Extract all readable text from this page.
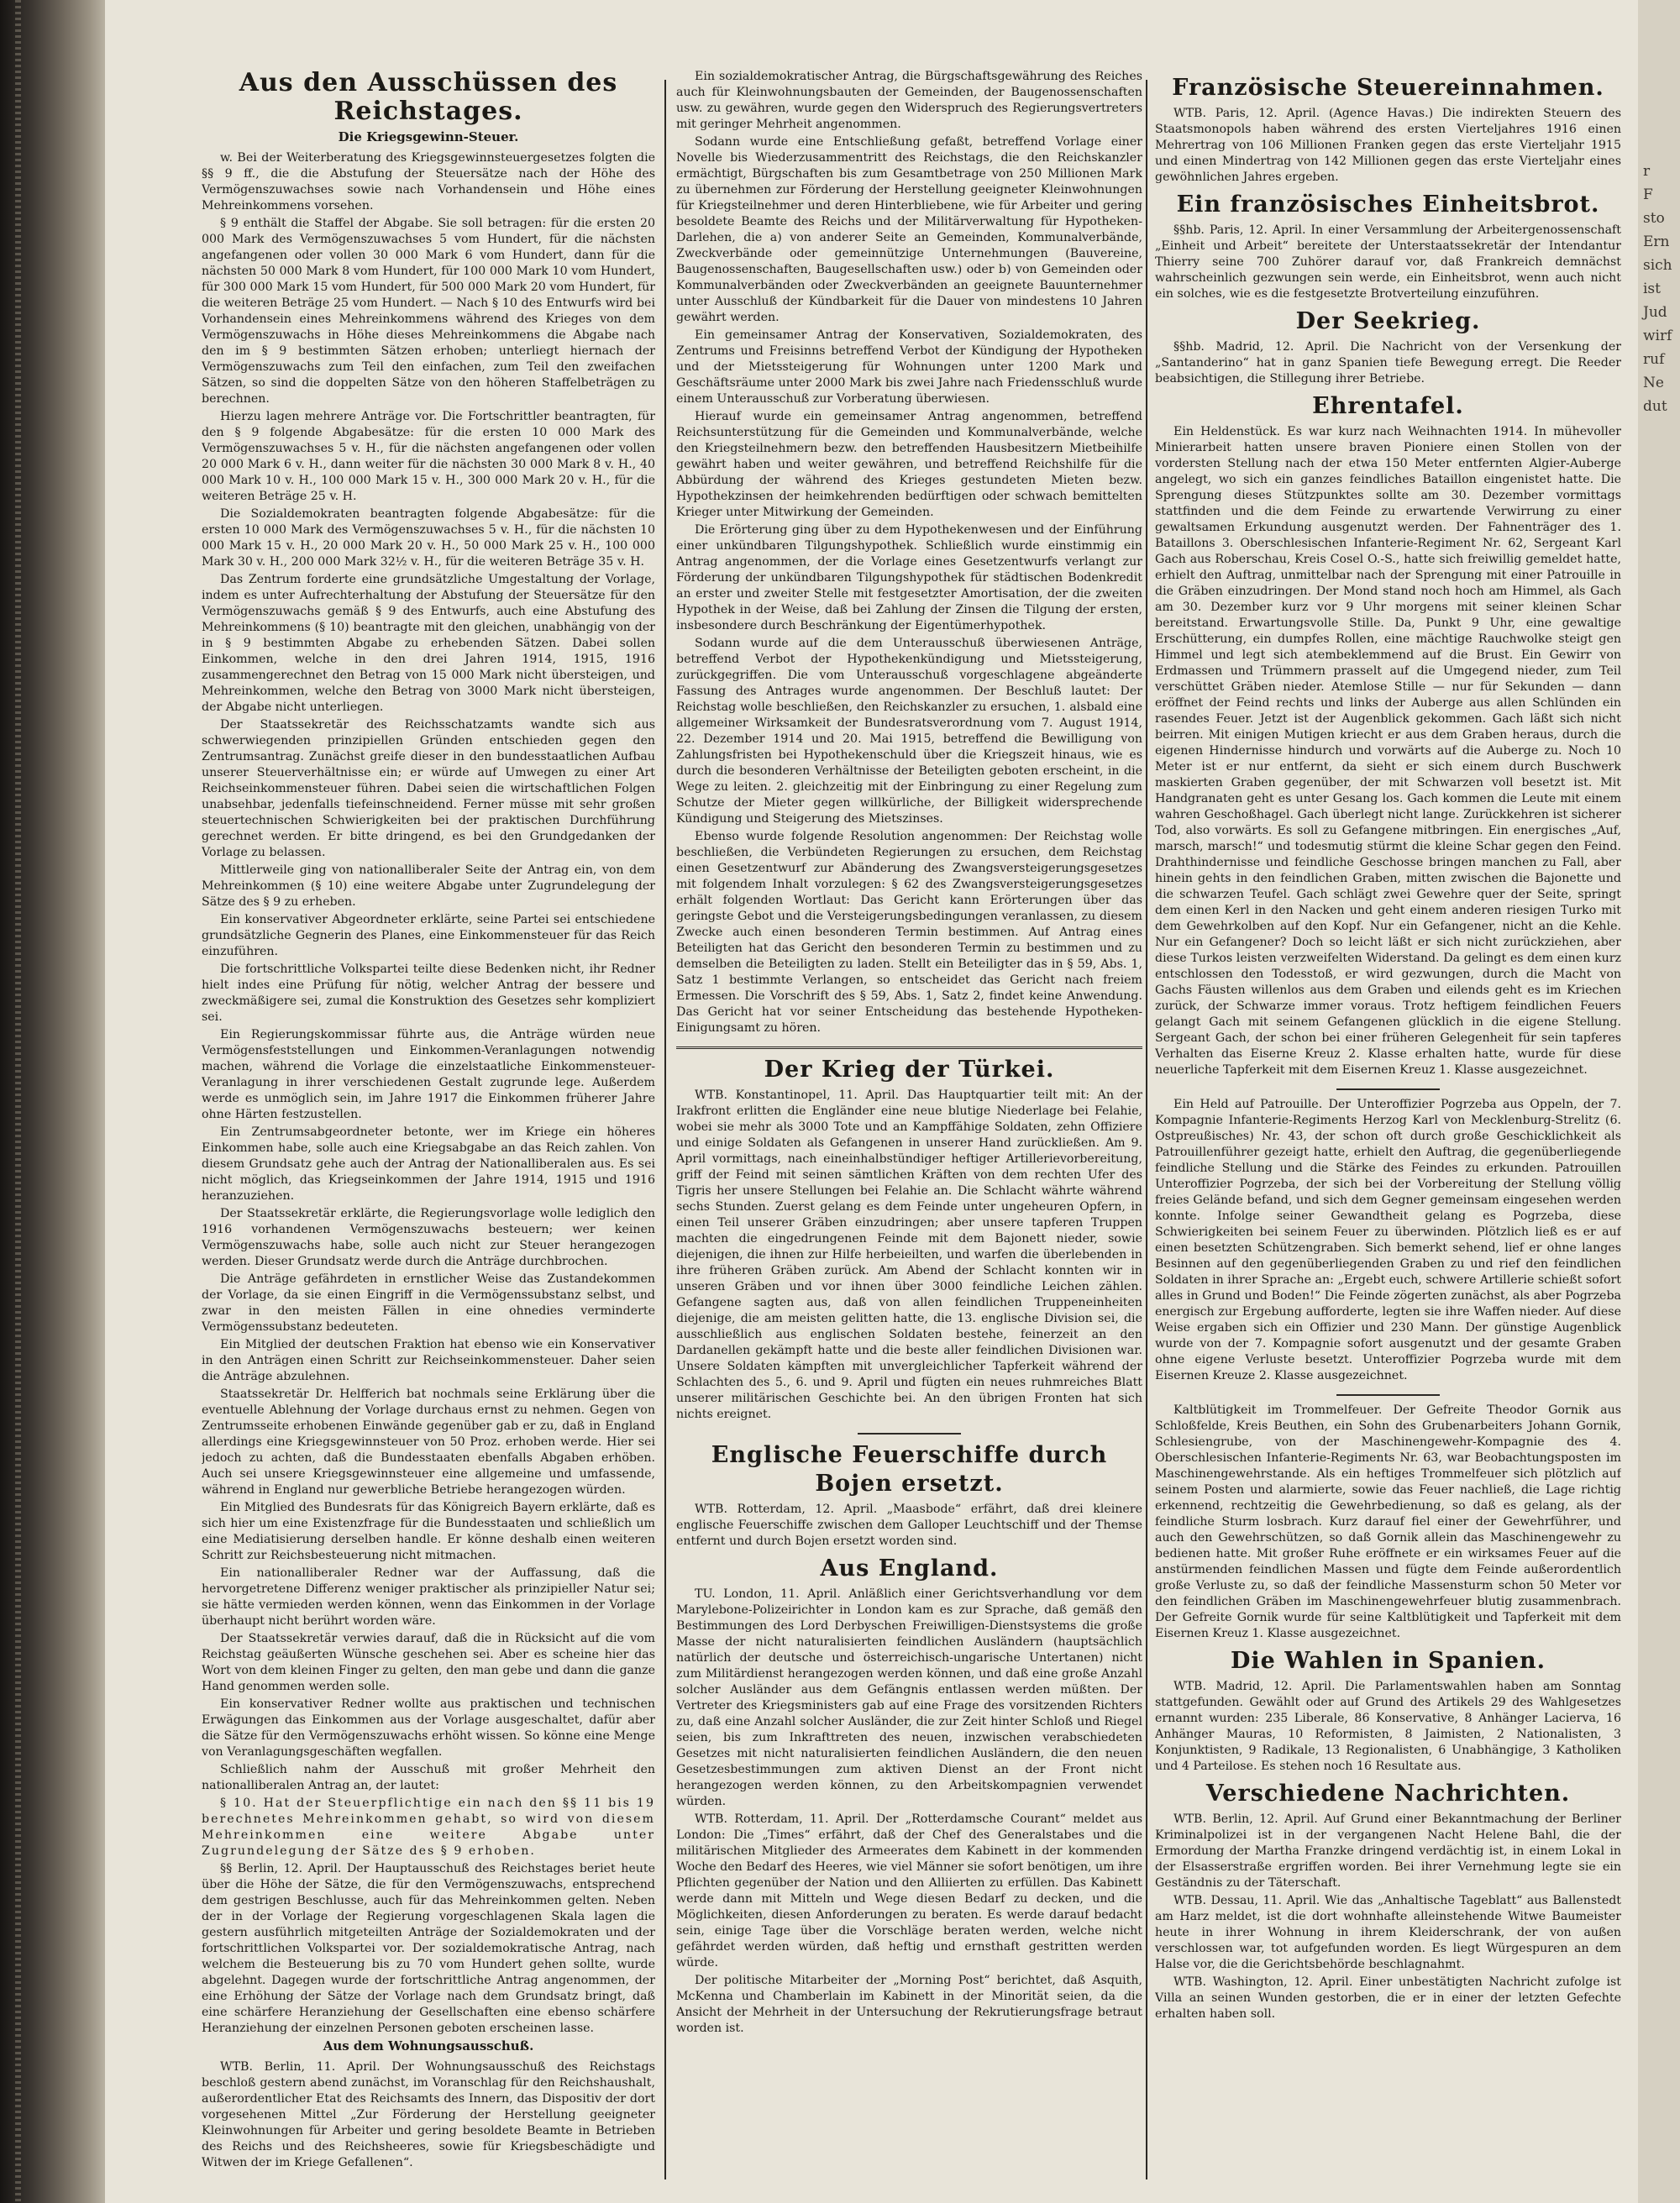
Aus den Ausschüssen des Reichstages.
Die Kriegsgewinn-Steuer.

w. Bei der Weiterberatung des Kriegsgewinnsteuergesetzes folgten die §§ 9 ff., die die Abstufung der Steuersätze nach der Höhe des Vermögenszuwachses sowie nach Vorhandensein und Höhe eines Mehreinkommens vorsehen.

§ 9 enthält die Staffel der Abgabe. Sie soll betragen: für die ersten 20 000 Mark des Vermögenszuwachses 5 vom Hundert, für die nächsten angefangenen oder vollen 30 000 Mark 6 vom Hundert, dann für die nächsten 50 000 Mark 8 vom Hundert, für 100 000 Mark 10 vom Hundert, für 300 000 Mark 15 vom Hundert, für 500 000 Mark 20 vom Hundert, für die weiteren Beträge 25 vom Hundert. — Nach § 10 des Entwurfs wird bei Vorhandensein eines Mehreinkommens während des Krieges von dem Vermögenszuwachs in Höhe dieses Mehreinkommens die Abgabe nach den im § 9 bestimmten Sätzen erhoben; unterliegt hiernach der Vermögenszuwachs zum Teil den einfachen, zum Teil den zweifachen Sätzen, so sind die doppelten Sätze von den höheren Staffelbeträgen zu berechnen.

Hierzu lagen mehrere Anträge vor. Die Fortschrittler beantragten, für den § 9 folgende Abgabesätze: für die ersten 10 000 Mark des Vermögenszuwachses 5 v. H., für die nächsten angefangenen oder vollen 20 000 Mark 6 v. H., dann weiter für die nächsten 30 000 Mark 8 v. H., 40 000 Mark 10 v. H., 100 000 Mark 15 v. H., 300 000 Mark 20 v. H., für die weiteren Beträge 25 v. H.

Die Sozialdemokraten beantragten folgende Abgabesätze: für die ersten 10 000 Mark des Vermögenszuwachses 5 v. H., für die nächsten 10 000 Mark 15 v. H., 20 000 Mark 20 v. H., 50 000 Mark 25 v. H., 100 000 Mark 30 v. H., 200 000 Mark 32½ v. H., für die weiteren Beträge 35 v. H.

Das Zentrum forderte eine grundsätzliche Umgestaltung der Vorlage, indem es unter Aufrechterhaltung der Abstufung der Steuersätze für den Vermögenszuwachs gemäß § 9 des Entwurfs, auch eine Abstufung des Mehreinkommens (§ 10) beantragte mit den gleichen, unabhängig von der in § 9 bestimmten Abgabe zu erhebenden Sätzen. Dabei sollen Einkommen, welche in den drei Jahren 1914, 1915, 1916 zusammengerechnet den Betrag von 15 000 Mark nicht übersteigen, und Mehreinkommen, welche den Betrag von 3000 Mark nicht übersteigen, der Abgabe nicht unterliegen.

Der Staatssekretär des Reichsschatzamts wandte sich aus schwerwiegenden prinzipiellen Gründen entschieden gegen den Zentrumsantrag. Zunächst greife dieser in den bundesstaatlichen Aufbau unserer Steuerverhältnisse ein; er würde auf Umwegen zu einer Art Reichseinkommensteuer führen. Dabei seien die wirtschaftlichen Folgen unabsehbar, jedenfalls tiefeinschneidend. Ferner müsse mit sehr großen steuertechnischen Schwierigkeiten bei der praktischen Durchführung gerechnet werden. Er bitte dringend, es bei den Grundgedanken der Vorlage zu belassen.

Mittlerweile ging von nationalliberaler Seite der Antrag ein, von dem Mehreinkommen (§ 10) eine weitere Abgabe unter Zugrundelegung der Sätze des § 9 zu erheben.

Ein konservativer Abgeordneter erklärte, seine Partei sei entschiedene grundsätzliche Gegnerin des Planes, eine Einkommensteuer für das Reich einzuführen.

Die fortschrittliche Volkspartei teilte diese Bedenken nicht, ihr Redner hielt indes eine Prüfung für nötig, welcher Antrag der bessere und zweckmäßigere sei, zumal die Konstruktion des Gesetzes sehr kompliziert sei.

Ein Regierungskommissar führte aus, die Anträge würden neue Vermögensfeststellungen und Einkommen-Veranlagungen notwendig machen, während die Vorlage die einzelstaatliche Einkommensteuer-Veranlagung in ihrer verschiedenen Gestalt zugrunde lege. Außerdem werde es unmöglich sein, im Jahre 1917 die Einkommen früherer Jahre ohne Härten festzustellen.

Ein Zentrumsabgeordneter betonte, wer im Kriege ein höheres Einkommen habe, solle auch eine Kriegsabgabe an das Reich zahlen. Von diesem Grundsatz gehe auch der Antrag der Nationalliberalen aus. Es sei nicht möglich, das Kriegseinkommen der Jahre 1914, 1915 und 1916 heranzuziehen.

Der Staatssekretär erklärte, die Regierungsvorlage wolle lediglich den 1916 vorhandenen Vermögenszuwachs besteuern; wer keinen Vermögenszuwachs habe, solle auch nicht zur Steuer herangezogen werden. Dieser Grundsatz werde durch die Anträge durchbrochen.

Die Anträge gefährdeten in ernstlicher Weise das Zustandekommen der Vorlage, da sie einen Eingriff in die Vermögenssubstanz selbst, und zwar in den meisten Fällen in eine ohnedies verminderte Vermögenssubstanz bedeuteten.

Ein Mitglied der deutschen Fraktion hat ebenso wie ein Konservativer in den Anträgen einen Schritt zur Reichseinkommensteuer. Daher seien die Anträge abzulehnen.

Staatssekretär Dr. Helfferich bat nochmals seine Erklärung über die eventuelle Ablehnung der Vorlage durchaus ernst zu nehmen. Gegen von Zentrumsseite erhobenen Einwände gegenüber gab er zu, daß in England allerdings eine Kriegsgewinnsteuer von 50 Proz. erhoben werde. Hier sei jedoch zu achten, daß die Bundesstaaten ebenfalls Abgaben erhöben. Auch sei unsere Kriegsgewinnsteuer eine allgemeine und umfassende, während in England nur gewerbliche Betriebe herangezogen würden.

Ein Mitglied des Bundesrats für das Königreich Bayern erklärte, daß es sich hier um eine Existenzfrage für die Bundesstaaten und schließlich um eine Mediatisierung derselben handle. Er könne deshalb einen weiteren Schritt zur Reichsbesteuerung nicht mitmachen.

Ein nationalliberaler Redner war der Auffassung, daß die hervorgetretene Differenz weniger praktischer als prinzipieller Natur sei; sie hätte vermieden werden können, wenn das Einkommen in der Vorlage überhaupt nicht berührt worden wäre.

Der Staatssekretär verwies darauf, daß die in Rücksicht auf die vom Reichstag geäußerten Wünsche geschehen sei. Aber es scheine hier das Wort von dem kleinen Finger zu gelten, den man gebe und dann die ganze Hand genommen werden solle.

Ein konservativer Redner wollte aus praktischen und technischen Erwägungen das Einkommen aus der Vorlage ausgeschaltet, dafür aber die Sätze für den Vermögenszuwachs erhöht wissen. So könne eine Menge von Veranlagungsgeschäften wegfallen.

Schließlich nahm der Ausschuß mit großer Mehrheit den nationalliberalen Antrag an, der lautet:

§ 10. Hat der Steuerpflichtige ein nach den §§ 11 bis 19 berechnetes Mehreinkommen gehabt, so wird von diesem Mehreinkommen eine weitere Abgabe unter Zugrundelegung der Sätze des § 9 erhoben.

§§ Berlin, 12. April. Der Hauptausschuß des Reichstages beriet heute über die Höhe der Sätze, die für den Vermögenszuwachs, entsprechend dem gestrigen Beschlusse, auch für das Mehreinkommen gelten. Neben der in der Vorlage der Regierung vorgeschlagenen Skala lagen die gestern ausführlich mitgeteilten Anträge der Sozialdemokraten und der fortschrittlichen Volkspartei vor. Der sozialdemokratische Antrag, nach welchem die Besteuerung bis zu 70 vom Hundert gehen sollte, wurde abgelehnt. Dagegen wurde der fortschrittliche Antrag angenommen, der eine Erhöhung der Sätze der Vorlage nach dem Grundsatz bringt, daß eine schärfere Heranziehung der Gesellschaften eine ebenso schärfere Heranziehung der einzelnen Personen geboten erscheinen lasse.

Aus dem Wohnungsausschuß.

WTB. Berlin, 11. April. Der Wohnungsausschuß des Reichstags beschloß gestern abend zunächst, im Voranschlag für den Reichshaushalt, außerordentlicher Etat des Reichsamts des Innern, das Dispositiv der dort vorgesehenen Mittel „Zur Förderung der Herstellung geeigneter Kleinwohnungen für Arbeiter und gering besoldete Beamte in Betrieben des Reichs und des Reichsheeres, sowie für Kriegsbeschädigte und Witwen der im Kriege Gefallenen“.

Ein sozialdemokratischer Antrag, die Bürgschaftsgewährung des Reiches auch für Kleinwohnungsbauten der Gemeinden, der Baugenossenschaften usw. zu gewähren, wurde gegen den Widerspruch des Regierungsvertreters mit geringer Mehrheit angenommen.

Sodann wurde eine Entschließung gefaßt, betreffend Vorlage einer Novelle bis Wiederzusammentritt des Reichstags, die den Reichskanzler ermächtigt, Bürgschaften bis zum Gesamtbetrage von 250 Millionen Mark zu übernehmen zur Förderung der Herstellung geeigneter Kleinwohnungen für Kriegsteilnehmer und deren Hinterbliebene, wie für Arbeiter und gering besoldete Beamte des Reichs und der Militärverwaltung für Hypotheken-Darlehen, die a) von anderer Seite an Gemeinden, Kommunalverbände, Zweckverbände oder gemeinnützige Unternehmungen (Bauvereine, Baugenossenschaften, Baugesellschaften usw.) oder b) von Gemeinden oder Kommunalverbänden oder Zweckverbänden an geeignete Bauunternehmer unter Ausschluß der Kündbarkeit für die Dauer von mindestens 10 Jahren gewährt werden.

Ein gemeinsamer Antrag der Konservativen, Sozialdemokraten, des Zentrums und Freisinns betreffend Verbot der Kündigung der Hypotheken und der Mietssteigerung für Wohnungen unter 1200 Mark und Geschäftsräume unter 2000 Mark bis zwei Jahre nach Friedensschluß wurde einem Unterausschuß zur Vorberatung überwiesen.

Hierauf wurde ein gemeinsamer Antrag angenommen, betreffend Reichsunterstützung für die Gemeinden und Kommunalverbände, welche den Kriegsteilnehmern bezw. den betreffenden Hausbesitzern Mietbeihilfe gewährt haben und weiter gewähren, und betreffend Reichshilfe für die Abbürdung der während des Krieges gestundeten Mieten bezw. Hypothekzinsen der heimkehrenden bedürftigen oder schwach bemittelten Krieger unter Mitwirkung der Gemeinden.

Die Erörterung ging über zu dem Hypothekenwesen und der Einführung einer unkündbaren Tilgungshypothek. Schließlich wurde einstimmig ein Antrag angenommen, der die Vorlage eines Gesetzentwurfs verlangt zur Förderung der unkündbaren Tilgungshypothek für städtischen Bodenkredit an erster und zweiter Stelle mit festgesetzter Amortisation, der die zweiten Hypothek in der Weise, daß bei Zahlung der Zinsen die Tilgung der ersten, insbesondere durch Beschränkung der Eigentümerhypothek.

Sodann wurde auf die dem Unterausschuß überwiesenen Anträge, betreffend Verbot der Hypothekenkündigung und Mietssteigerung, zurückgegriffen. Die vom Unterausschuß vorgeschlagene abgeänderte Fassung des Antrages wurde angenommen. Der Beschluß lautet: Der Reichstag wolle beschließen, den Reichskanzler zu ersuchen, 1. alsbald eine allgemeiner Wirksamkeit der Bundesratsverordnung vom 7. August 1914, 22. Dezember 1914 und 20. Mai 1915, betreffend die Bewilligung von Zahlungsfristen bei Hypothekenschuld über die Kriegszeit hinaus, wie es durch die besonderen Verhältnisse der Beteiligten geboten erscheint, in die Wege zu leiten. 2. gleichzeitig mit der Einbringung zu einer Regelung zum Schutze der Mieter gegen willkürliche, der Billigkeit widersprechende Kündigung und Steigerung des Mietszinses.

Ebenso wurde folgende Resolution angenommen: Der Reichstag wolle beschließen, die Verbündeten Regierungen zu ersuchen, dem Reichstag einen Gesetzentwurf zur Abänderung des Zwangsversteigerungsgesetzes mit folgendem Inhalt vorzulegen: § 62 des Zwangsversteigerungsgesetzes erhält folgenden Wortlaut: Das Gericht kann Erörterungen über das geringste Gebot und die Versteigerungsbedingungen veranlassen, zu diesem Zwecke auch einen besonderen Termin bestimmen. Auf Antrag eines Beteiligten hat das Gericht den besonderen Termin zu bestimmen und zu demselben die Beteiligten zu laden. Stellt ein Beteiligter das in § 59, Abs. 1, Satz 1 bestimmte Verlangen, so entscheidet das Gericht nach freiem Ermessen. Die Vorschrift des § 59, Abs. 1, Satz 2, findet keine Anwendung. Das Gericht hat vor seiner Entscheidung das bestehende Hypotheken-Einigungsamt zu hören.

Der Krieg der Türkei.

WTB. Konstantinopel, 11. April. Das Hauptquartier teilt mit: An der Irakfront erlitten die Engländer eine neue blutige Niederlage bei Felahie, wobei sie mehr als 3000 Tote und an Kampffähige Soldaten, zehn Offiziere und einige Soldaten als Gefangenen in unserer Hand zurückließen. Am 9. April vormittags, nach eineinhalbstündiger heftiger Artillerievorbereitung, griff der Feind mit seinen sämtlichen Kräften von dem rechten Ufer des Tigris her unsere Stellungen bei Felahie an. Die Schlacht währte während sechs Stunden. Zuerst gelang es dem Feinde unter ungeheuren Opfern, in einen Teil unserer Gräben einzudringen; aber unsere tapferen Truppen machten die eingedrungenen Feinde mit dem Bajonett nieder, sowie diejenigen, die ihnen zur Hilfe herbeieilten, und warfen die überlebenden in ihre früheren Gräben zurück. Am Abend der Schlacht konnten wir in unseren Gräben und vor ihnen über 3000 feindliche Leichen zählen. Gefangene sagten aus, daß von allen feindlichen Truppeneinheiten diejenige, die am meisten gelitten hatte, die 13. englische Division sei, die ausschließlich aus englischen Soldaten bestehe, feinerzeit an den Dardanellen gekämpft hatte und die beste aller feindlichen Divisionen war. Unsere Soldaten kämpften mit unvergleichlicher Tapferkeit während der Schlachten des 5., 6. und 9. April und fügten ein neues ruhmreiches Blatt unserer militärischen Geschichte bei. An den übrigen Fronten hat sich nichts ereignet.

Englische Feuerschiffe durch Bojen ersetzt.

WTB. Rotterdam, 12. April. „Maasbode“ erfährt, daß drei kleinere englische Feuerschiffe zwischen dem Galloper Leuchtschiff und der Themse entfernt und durch Bojen ersetzt worden sind.

Aus England.

TU. London, 11. April. Anläßlich einer Gerichtsverhandlung vor dem Marylebone-Polizeirichter in London kam es zur Sprache, daß gemäß den Bestimmungen des Lord Derbyschen Freiwilligen-Dienstsystems die große Masse der nicht naturalisierten feindlichen Ausländern (hauptsächlich natürlich der deutsche und österreichisch-ungarische Untertanen) nicht zum Militärdienst herangezogen werden können, und daß eine große Anzahl solcher Ausländer aus dem Gefängnis entlassen werden müßten. Der Vertreter des Kriegsministers gab auf eine Frage des vorsitzenden Richters zu, daß eine Anzahl solcher Ausländer, die zur Zeit hinter Schloß und Riegel seien, bis zum Inkrafttreten des neuen, inzwischen verabschiedeten Gesetzes mit nicht naturalisierten feindlichen Ausländern, die den neuen Gesetzesbestimmungen zum aktiven Dienst an der Front nicht herangezogen werden können, zu den Arbeitskompagnien verwendet würden.

WTB. Rotterdam, 11. April. Der „Rotterdamsche Courant“ meldet aus London: Die „Times“ erfährt, daß der Chef des Generalstabes und die militärischen Mitglieder des Armeerates dem Kabinett in der kommenden Woche den Bedarf des Heeres, wie viel Männer sie sofort benötigen, um ihre Pflichten gegenüber der Nation und den Alliierten zu erfüllen. Das Kabinett werde dann mit Mitteln und Wege diesen Bedarf zu decken, und die Möglichkeiten, diesen Anforderungen zu beraten. Es werde darauf bedacht sein, einige Tage über die Vorschläge beraten werden, welche nicht gefährdet werden würden, daß heftig und ernsthaft gestritten werden würde.

Der politische Mitarbeiter der „Morning Post“ berichtet, daß Asquith, McKenna und Chamberlain im Kabinett in der Minorität seien, da die Ansicht der Mehrheit in der Untersuchung der Rekrutierungsfrage betraut worden ist.

Französische Steuereinnahmen.

WTB. Paris, 12. April. (Agence Havas.) Die indirekten Steuern des Staatsmonopols haben während des ersten Vierteljahres 1916 einen Mehrertrag von 106 Millionen Franken gegen das erste Vierteljahr 1915 und einen Mindertrag von 142 Millionen gegen das erste Vierteljahr eines gewöhnlichen Jahres ergeben.

Ein französisches Einheitsbrot.

§§hb. Paris, 12. April. In einer Versammlung der Arbeitergenossenschaft „Einheit und Arbeit“ bereitete der Unterstaatssekretär der Intendantur Thierry seine 700 Zuhörer darauf vor, daß Frankreich demnächst wahrscheinlich gezwungen sein werde, ein Einheitsbrot, wenn auch nicht ein solches, wie es die festgesetzte Brotverteilung einzuführen.

Der Seekrieg.

§§hb. Madrid, 12. April. Die Nachricht von der Versenkung der „Santanderino“ hat in ganz Spanien tiefe Bewegung erregt. Die Reeder beabsichtigen, die Stillegung ihrer Betriebe.

Ehrentafel.

Ein Heldenstück. Es war kurz nach Weihnachten 1914. In mühevoller Minierarbeit hatten unsere braven Pioniere einen Stollen von der vordersten Stellung nach der etwa 150 Meter entfernten Algier-Auberge angelegt, wo sich ein ganzes feindliches Bataillon eingenistet hatte. Die Sprengung dieses Stützpunktes sollte am 30. Dezember vormittags stattfinden und die dem Feinde zu erwartende Verwirrung zu einer gewaltsamen Erkundung ausgenutzt werden. Der Fahnenträger des 1. Bataillons 3. Oberschlesischen Infanterie-Regiment Nr. 62, Sergeant Karl Gach aus Roberschau, Kreis Cosel O.-S., hatte sich freiwillig gemeldet hatte, erhielt den Auftrag, unmittelbar nach der Sprengung mit einer Patrouille in die Gräben einzudringen. Der Mond stand noch hoch am Himmel, als Gach am 30. Dezember kurz vor 9 Uhr morgens mit seiner kleinen Schar bereitstand. Erwartungsvolle Stille. Da, Punkt 9 Uhr, eine gewaltige Erschütterung, ein dumpfes Rollen, eine mächtige Rauchwolke steigt gen Himmel und legt sich atembeklemmend auf die Brust. Ein Gewirr von Erdmassen und Trümmern prasselt auf die Umgegend nieder, zum Teil verschüttet Gräben nieder. Atemlose Stille — nur für Sekunden — dann eröffnet der Feind rechts und links der Auberge aus allen Schlünden ein rasendes Feuer. Jetzt ist der Augenblick gekommen. Gach läßt sich nicht beirren. Mit einigen Mutigen kriecht er aus dem Graben heraus, durch die eigenen Hindernisse hindurch und vorwärts auf die Auberge zu. Noch 10 Meter ist er nur entfernt, da sieht er sich einem durch Buschwerk maskierten Graben gegenüber, der mit Schwarzen voll besetzt ist. Mit Handgranaten geht es unter Gesang los. Gach kommen die Leute mit einem wahren Geschoßhagel. Gach überlegt nicht lange. Zurückkehren ist sicherer Tod, also vorwärts. Es soll zu Gefangene mitbringen. Ein energisches „Auf, marsch, marsch!“ und todesmutig stürmt die kleine Schar gegen den Feind. Drahthindernisse und feindliche Geschosse bringen manchen zu Fall, aber hinein gehts in den feindlichen Graben, mitten zwischen die Bajonette und die schwarzen Teufel. Gach schlägt zwei Gewehre quer der Seite, springt dem einen Kerl in den Nacken und geht einem anderen riesigen Turko mit dem Gewehrkolben auf den Kopf. Nur ein Gefangener, nicht an die Kehle. Nur ein Gefangener? Doch so leicht läßt er sich nicht zurückziehen, aber diese Turkos leisten verzweifelten Widerstand. Da gelingt es dem einen kurz entschlossen den Todesstoß, er wird gezwungen, durch die Macht von Gachs Fäusten willenlos aus dem Graben und eilends geht es im Kriechen zurück, der Schwarze immer voraus. Trotz heftigem feindlichen Feuers gelangt Gach mit seinem Gefangenen glücklich in die eigene Stellung. Sergeant Gach, der schon bei einer früheren Gelegenheit für sein tapferes Verhalten das Eiserne Kreuz 2. Klasse erhalten hatte, wurde für diese neuerliche Tapferkeit mit dem Eisernen Kreuz 1. Klasse ausgezeichnet.

Ein Held auf Patrouille. Der Unteroffizier Pogrzeba aus Oppeln, der 7. Kompagnie Infanterie-Regiments Herzog Karl von Mecklenburg-Strelitz (6. Ostpreußisches) Nr. 43, der schon oft durch große Geschicklichkeit als Patrouillenführer gezeigt hatte, erhielt den Auftrag, die gegenüberliegende feindliche Stellung und die Stärke des Feindes zu erkunden. Patrouillen Unteroffizier Pogrzeba, der sich bei der Vorbereitung der Stellung völlig freies Gelände befand, und sich dem Gegner gemeinsam eingesehen werden konnte. Infolge seiner Gewandtheit gelang es Pogrzeba, diese Schwierigkeiten bei seinem Feuer zu überwinden. Plötzlich ließ es er auf einen besetzten Schützengraben. Sich bemerkt sehend, lief er ohne langes Besinnen auf den gegenüberliegenden Graben zu und rief den feindlichen Soldaten in ihrer Sprache an: „Ergebt euch, schwere Artillerie schießt sofort alles in Grund und Boden!“ Die Feinde zögerten zunächst, als aber Pogrzeba energisch zur Ergebung aufforderte, legten sie ihre Waffen nieder. Auf diese Weise ergaben sich ein Offizier und 230 Mann. Der günstige Augenblick wurde von der 7. Kompagnie sofort ausgenutzt und der gesamte Graben ohne eigene Verluste besetzt. Unteroffizier Pogrzeba wurde mit dem Eisernen Kreuze 2. Klasse ausgezeichnet.

Kaltblütigkeit im Trommelfeuer. Der Gefreite Theodor Gornik aus Schloßfelde, Kreis Beuthen, ein Sohn des Grubenarbeiters Johann Gornik, Schlesiengrube, von der Maschinengewehr-Kompagnie des 4. Oberschlesischen Infanterie-Regiments Nr. 63, war Beobachtungsposten im Maschinengewehrstande. Als ein heftiges Trommelfeuer sich plötzlich auf seinem Posten und alarmierte, sowie das Feuer nachließ, die Lage richtig erkennend, rechtzeitig die Gewehrbedienung, so daß es gelang, als der feindliche Sturm losbrach. Kurz darauf fiel einer der Gewehrführer, und auch den Gewehrschützen, so daß Gornik allein das Maschinengewehr zu bedienen hatte. Mit großer Ruhe eröffnete er ein wirksames Feuer auf die anstürmenden feindlichen Massen und fügte dem Feinde außerordentlich große Verluste zu, so daß der feindliche Massensturm schon 50 Meter vor den feindlichen Gräben im Maschinengewehrfeuer blutig zusammenbrach. Der Gefreite Gornik wurde für seine Kaltblütigkeit und Tapferkeit mit dem Eisernen Kreuz 1. Klasse ausgezeichnet.

Die Wahlen in Spanien.

WTB. Madrid, 12. April. Die Parlamentswahlen haben am Sonntag stattgefunden. Gewählt oder auf Grund des Artikels 29 des Wahlgesetzes ernannt wurden: 235 Liberale, 86 Konservative, 8 Anhänger Lacierva, 16 Anhänger Mauras, 10 Reformisten, 8 Jaimisten, 2 Nationalisten, 3 Konjunktisten, 9 Radikale, 13 Regionalisten, 6 Unabhängige, 3 Katholiken und 4 Parteilose. Es stehen noch 16 Resultate aus.

Verschiedene Nachrichten.

WTB. Berlin, 12. April. Auf Grund einer Bekanntmachung der Berliner Kriminalpolizei ist in der vergangenen Nacht Helene Bahl, die der Ermordung der Martha Franzke dringend verdächtig ist, in einem Lokal in der Elsasserstraße ergriffen worden. Bei ihrer Vernehmung legte sie ein Geständnis zu der Täterschaft.

WTB. Dessau, 11. April. Wie das „Anhaltische Tageblatt“ aus Ballenstedt am Harz meldet, ist die dort wohnhafte alleinstehende Witwe Baumeister heute in ihrer Wohnung in ihrem Kleiderschrank, der von außen verschlossen war, tot aufgefunden worden. Es liegt Würgespuren an dem Halse vor, die die Gerichtsbehörde beschlagnahmt.

WTB. Washington, 12. April. Einer unbestätigten Nachricht zufolge ist Villa an seinen Wunden gestorben, die er in einer der letzten Gefechte erhalten haben soll.

r
F
sto
Ern
sich
ist
Jud
wirf
ruf
Ne
dut
